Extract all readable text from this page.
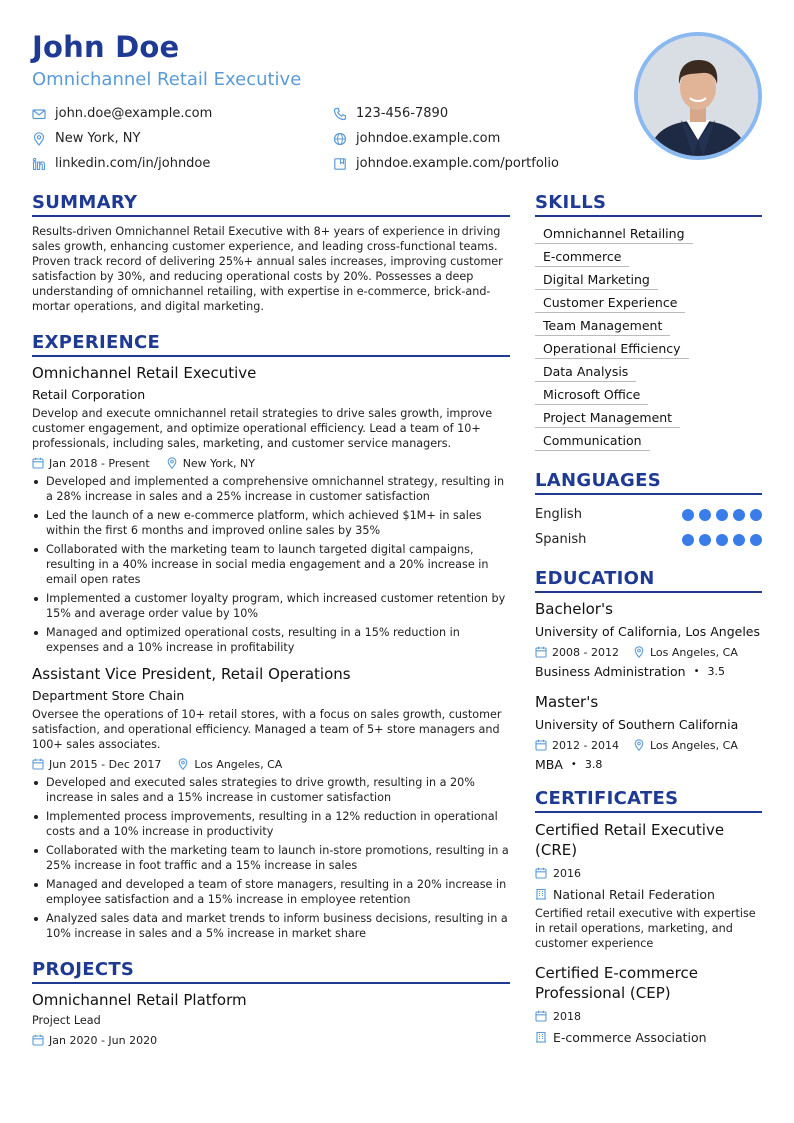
John Doe
Omnichannel Retail Executive
john.doe@example.com
New York, NY
linkedin.com/in/johndoe
123-456-7890
johndoe.example.com
johndoe.example.com/portfolio
SUMMARY
Results-driven Omnichannel Retail Executive with 8+ years of experience in driving sales growth, enhancing customer experience, and leading cross-functional teams. Proven track record of delivering 25%+ annual sales increases, improving customer satisfaction by 30%, and reducing operational costs by 20%. Possesses a deep understanding of omnichannel retailing, with expertise in e-commerce, brick-and-mortar operations, and digital marketing.
EXPERIENCE
Omnichannel Retail Executive
Retail Corporation
Develop and execute omnichannel retail strategies to drive sales growth, improve customer engagement, and optimize operational efficiency. Lead a team of 10+ professionals, including sales, marketing, and customer service managers.
Jan 2018 - Present	New York, NY
Developed and implemented a comprehensive omnichannel strategy, resulting in a 28% increase in sales and a 25% increase in customer satisfaction
Led the launch of a new e-commerce platform, which achieved $1M+ in sales within the first 6 months and improved online sales by 35%
Collaborated with the marketing team to launch targeted digital campaigns, resulting in a 40% increase in social media engagement and a 20% increase in email open rates
Implemented a customer loyalty program, which increased customer retention by 15% and average order value by 10%
Managed and optimized operational costs, resulting in a 15% reduction in expenses and a 10% increase in profitability
Assistant Vice President, Retail Operations
Department Store Chain
Oversee the operations of 10+ retail stores, with a focus on sales growth, customer satisfaction, and operational efficiency. Managed a team of 5+ store managers and 100+ sales associates.
Jun 2015 - Dec 2017	Los Angeles, CA
Developed and executed sales strategies to drive growth, resulting in a 20% increase in sales and a 15% increase in customer satisfaction
Implemented process improvements, resulting in a 12% reduction in operational costs and a 10% increase in productivity
Collaborated with the marketing team to launch in-store promotions, resulting in a 25% increase in foot traffic and a 15% increase in sales
Managed and developed a team of store managers, resulting in a 20% increase in employee satisfaction and a 15% increase in employee retention
Analyzed sales data and market trends to inform business decisions, resulting in a 10% increase in sales and a 5% increase in market share
PROJECTS
Omnichannel Retail Platform
Project Lead
Jan 2020 - Jun 2020
SKILLS
Omnichannel Retailing
E-commerce
Digital Marketing
Customer Experience
Team Management
Operational Efficiency
Data Analysis
Microsoft Office
Project Management
Communication
LANGUAGES
English
Spanish
EDUCATION
Bachelor's
University of California, Los Angeles
2008 - 2012	Los Angeles, CA
Business Administration • 3.5
Master's
University of Southern California
2012 - 2014	Los Angeles, CA
MBA • 3.8
CERTIFICATES
Certified Retail Executive (CRE)
2016
National Retail Federation
Certified retail executive with expertise in retail operations, marketing, and customer experience
Certified E-commerce Professional (CEP)
2018
E-commerce Association
